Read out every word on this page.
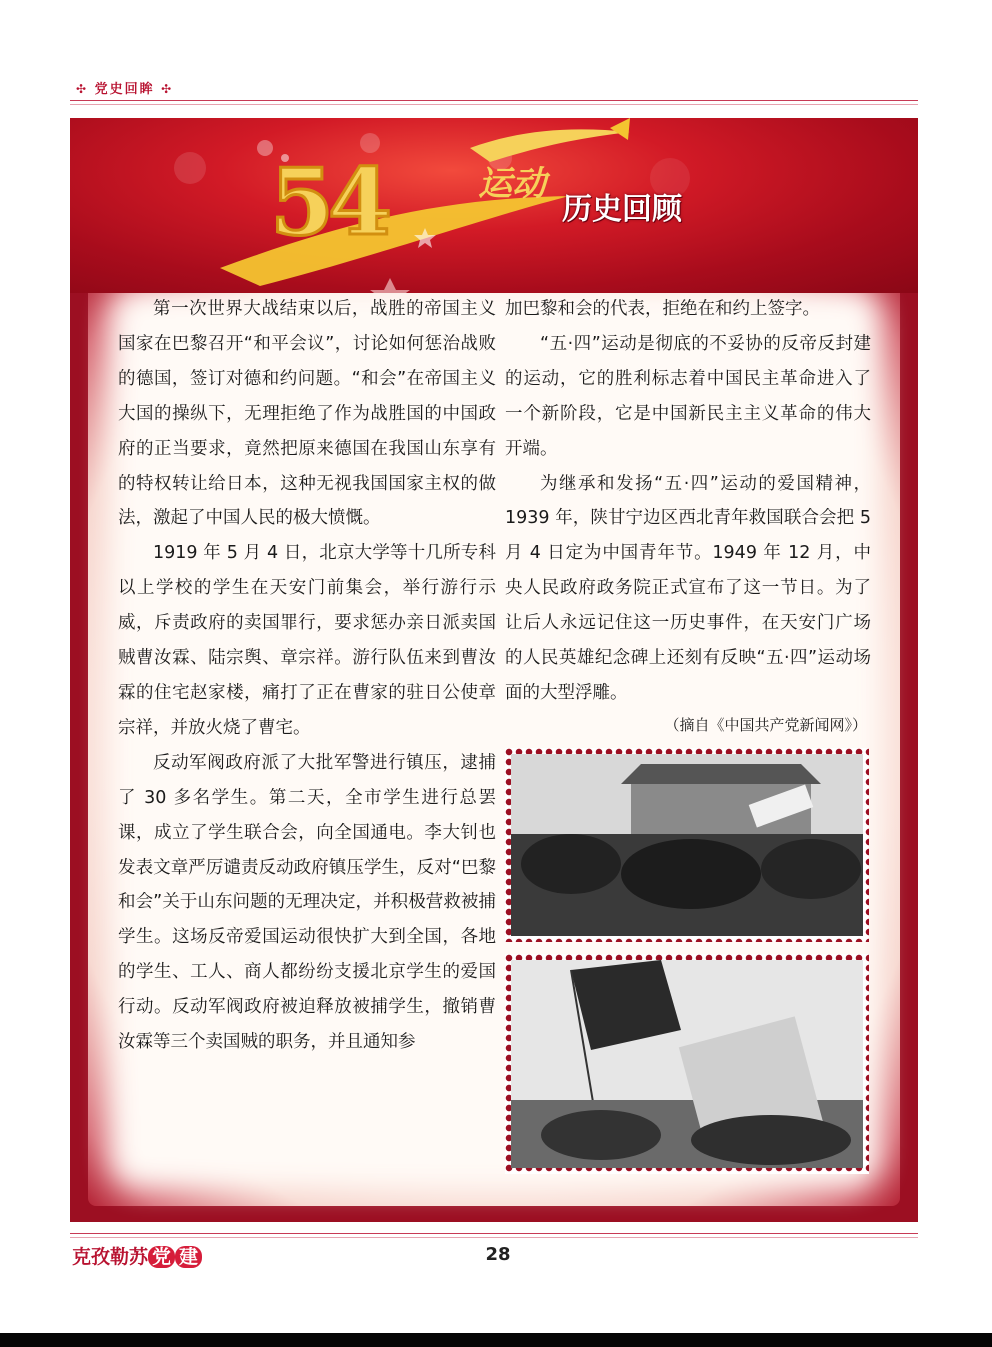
✣ 党史回眸 ✣
54	运动
历史回顾

第一次世界大战结束以后，战胜的帝国主义国家在巴黎召开“和平会议”，讨论如何惩治战败的德国，签订对德和约问题。“和会”在帝国主义大国的操纵下，无理拒绝了作为战胜国的中国政府的正当要求，竟然把原来德国在我国山东享有的特权转让给日本，这种无视我国国家主权的做法，激起了中国人民的极大愤慨。

1919 年 5 月 4 日，北京大学等十几所专科以上学校的学生在天安门前集会，举行游行示威，斥责政府的卖国罪行，要求惩办亲日派卖国贼曹汝霖、陆宗舆、章宗祥。游行队伍来到曹汝霖的住宅赵家楼，痛打了正在曹家的驻日公使章宗祥，并放火烧了曹宅。

反动军阀政府派了大批军警进行镇压，逮捕了 30 多名学生。第二天，全市学生进行总罢课，成立了学生联合会，向全国通电。李大钊也发表文章严厉谴责反动政府镇压学生，反对“巴黎和会”关于山东问题的无理决定，并积极营救被捕学生。这场反帝爱国运动很快扩大到全国，各地的学生、工人、商人都纷纷支援北京学生的爱国行动。反动军阀政府被迫释放被捕学生，撤销曹汝霖等三个卖国贼的职务，并且通知参

加巴黎和会的代表，拒绝在和约上签字。

“五·四”运动是彻底的不妥协的反帝反封建的运动，它的胜利标志着中国民主革命进入了一个新阶段，它是中国新民主主义革命的伟大开端。

为继承和发扬“五·四”运动的爱国精神，1939 年，陕甘宁边区西北青年救国联合会把 5 月 4 日定为中国青年节。1949 年 12 月，中央人民政府政务院正式宣布了这一节日。为了让后人永远记住这一历史事件，在天安门广场的人民英雄纪念碑上还刻有反映“五·四”运动场面的大型浮雕。

（摘自《中国共产党新闻网》）
克孜勒苏 党 建	28
